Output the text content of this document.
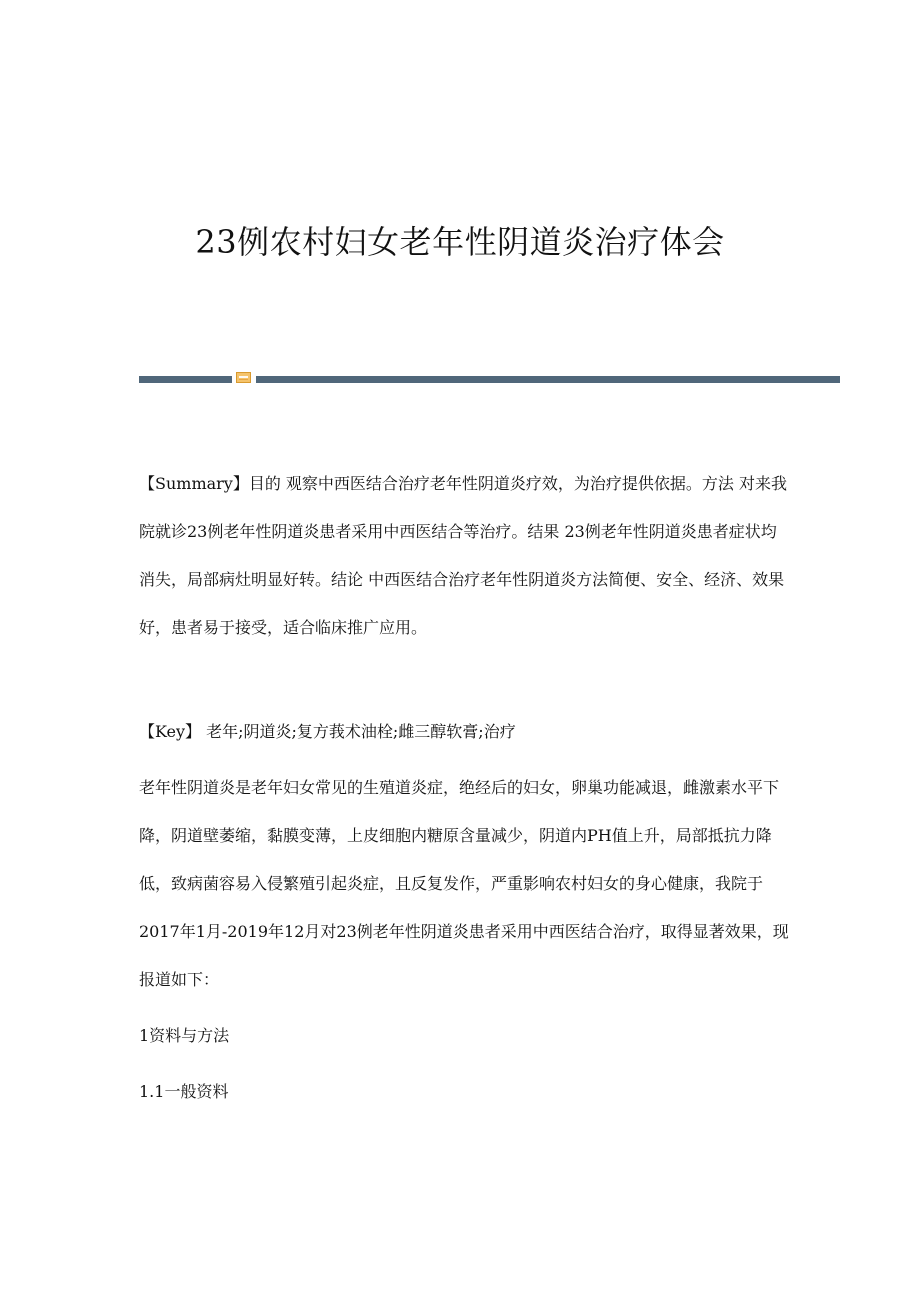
23例农村妇女老年性阴道炎治疗体会
【Summary】目的 观察中西医结合治疗老年性阴道炎疗效，为治疗提供依据。方法 对来我院就诊23例老年性阴道炎患者采用中西医结合等治疗。结果 23例老年性阴道炎患者症状均消失，局部病灶明显好转。结论 中西医结合治疗老年性阴道炎方法简便、安全、经济、效果好，患者易于接受，适合临床推广应用。
【Key】 老年;阴道炎;复方莪术油栓;雌三醇软膏;治疗
老年性阴道炎是老年妇女常见的生殖道炎症，绝经后的妇女，卵巢功能减退，雌激素水平下降，阴道壁萎缩，黏膜变薄，上皮细胞内糖原含量减少，阴道内PH值上升，局部抵抗力降低，致病菌容易入侵繁殖引起炎症，且反复发作，严重影响农村妇女的身心健康，我院于2017年1月-2019年12月对23例老年性阴道炎患者采用中西医结合治疗，取得显著效果，现报道如下：
1资料与方法
1.1一般资料
